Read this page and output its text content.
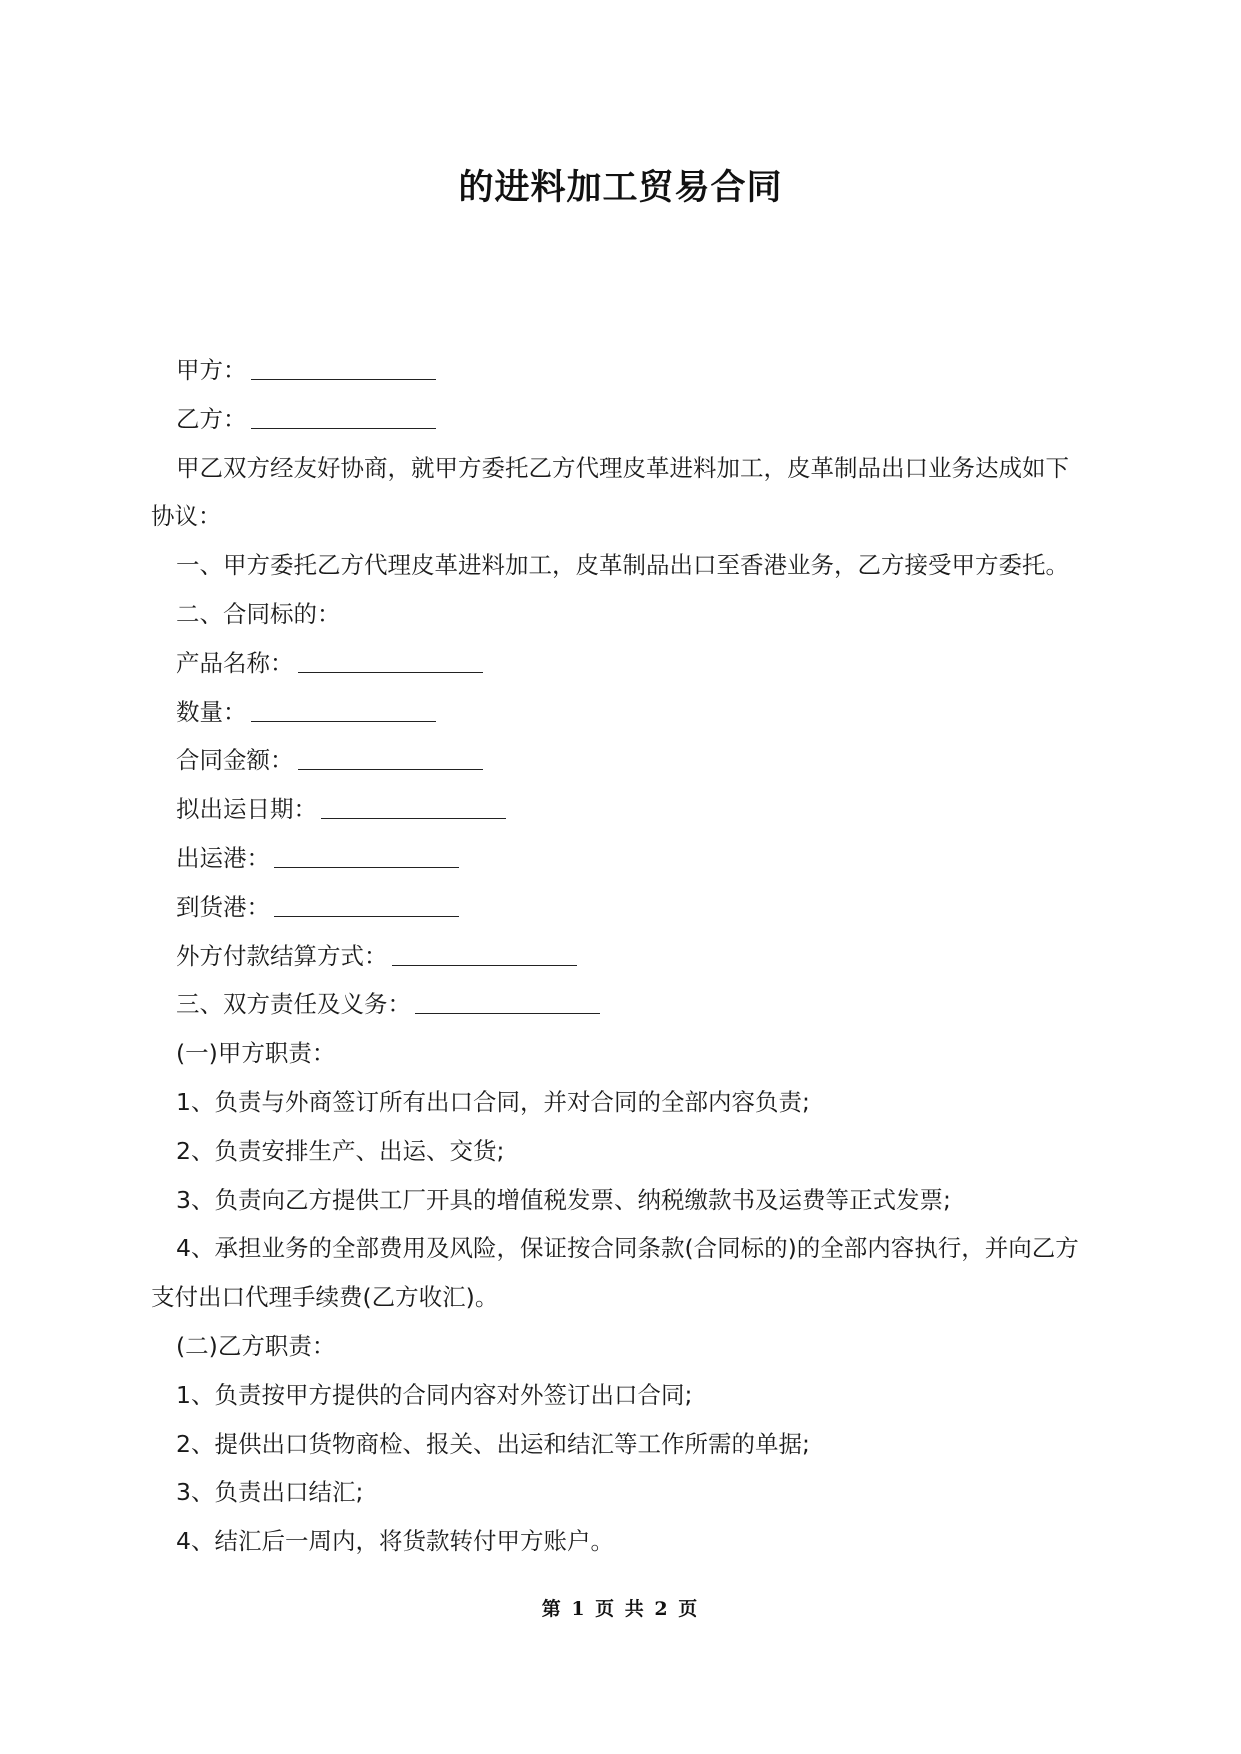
的进料加工贸易合同

甲方：

乙方：

甲乙双方经友好协商，就甲方委托乙方代理皮革进料加工，皮革制品出口业务达成如下协议：

一、甲方委托乙方代理皮革进料加工，皮革制品出口至香港业务，乙方接受甲方委托。

二、合同标的：

产品名称：

数量：

合同金额：

拟出运日期：

出运港：

到货港：

外方付款结算方式：

三、双方责任及义务：

(一)甲方职责：

1、负责与外商签订所有出口合同，并对合同的全部内容负责;

2、负责安排生产、出运、交货;

3、负责向乙方提供工厂开具的增值税发票、纳税缴款书及运费等正式发票;

4、承担业务的全部费用及风险，保证按合同条款(合同标的)的全部内容执行，并向乙方支付出口代理手续费(乙方收汇)。

(二)乙方职责：

1、负责按甲方提供的合同内容对外签订出口合同;

2、提供出口货物商检、报关、出运和结汇等工作所需的单据;

3、负责出口结汇;

4、结汇后一周内，将货款转付甲方账户。

第 1 页 共 2 页
